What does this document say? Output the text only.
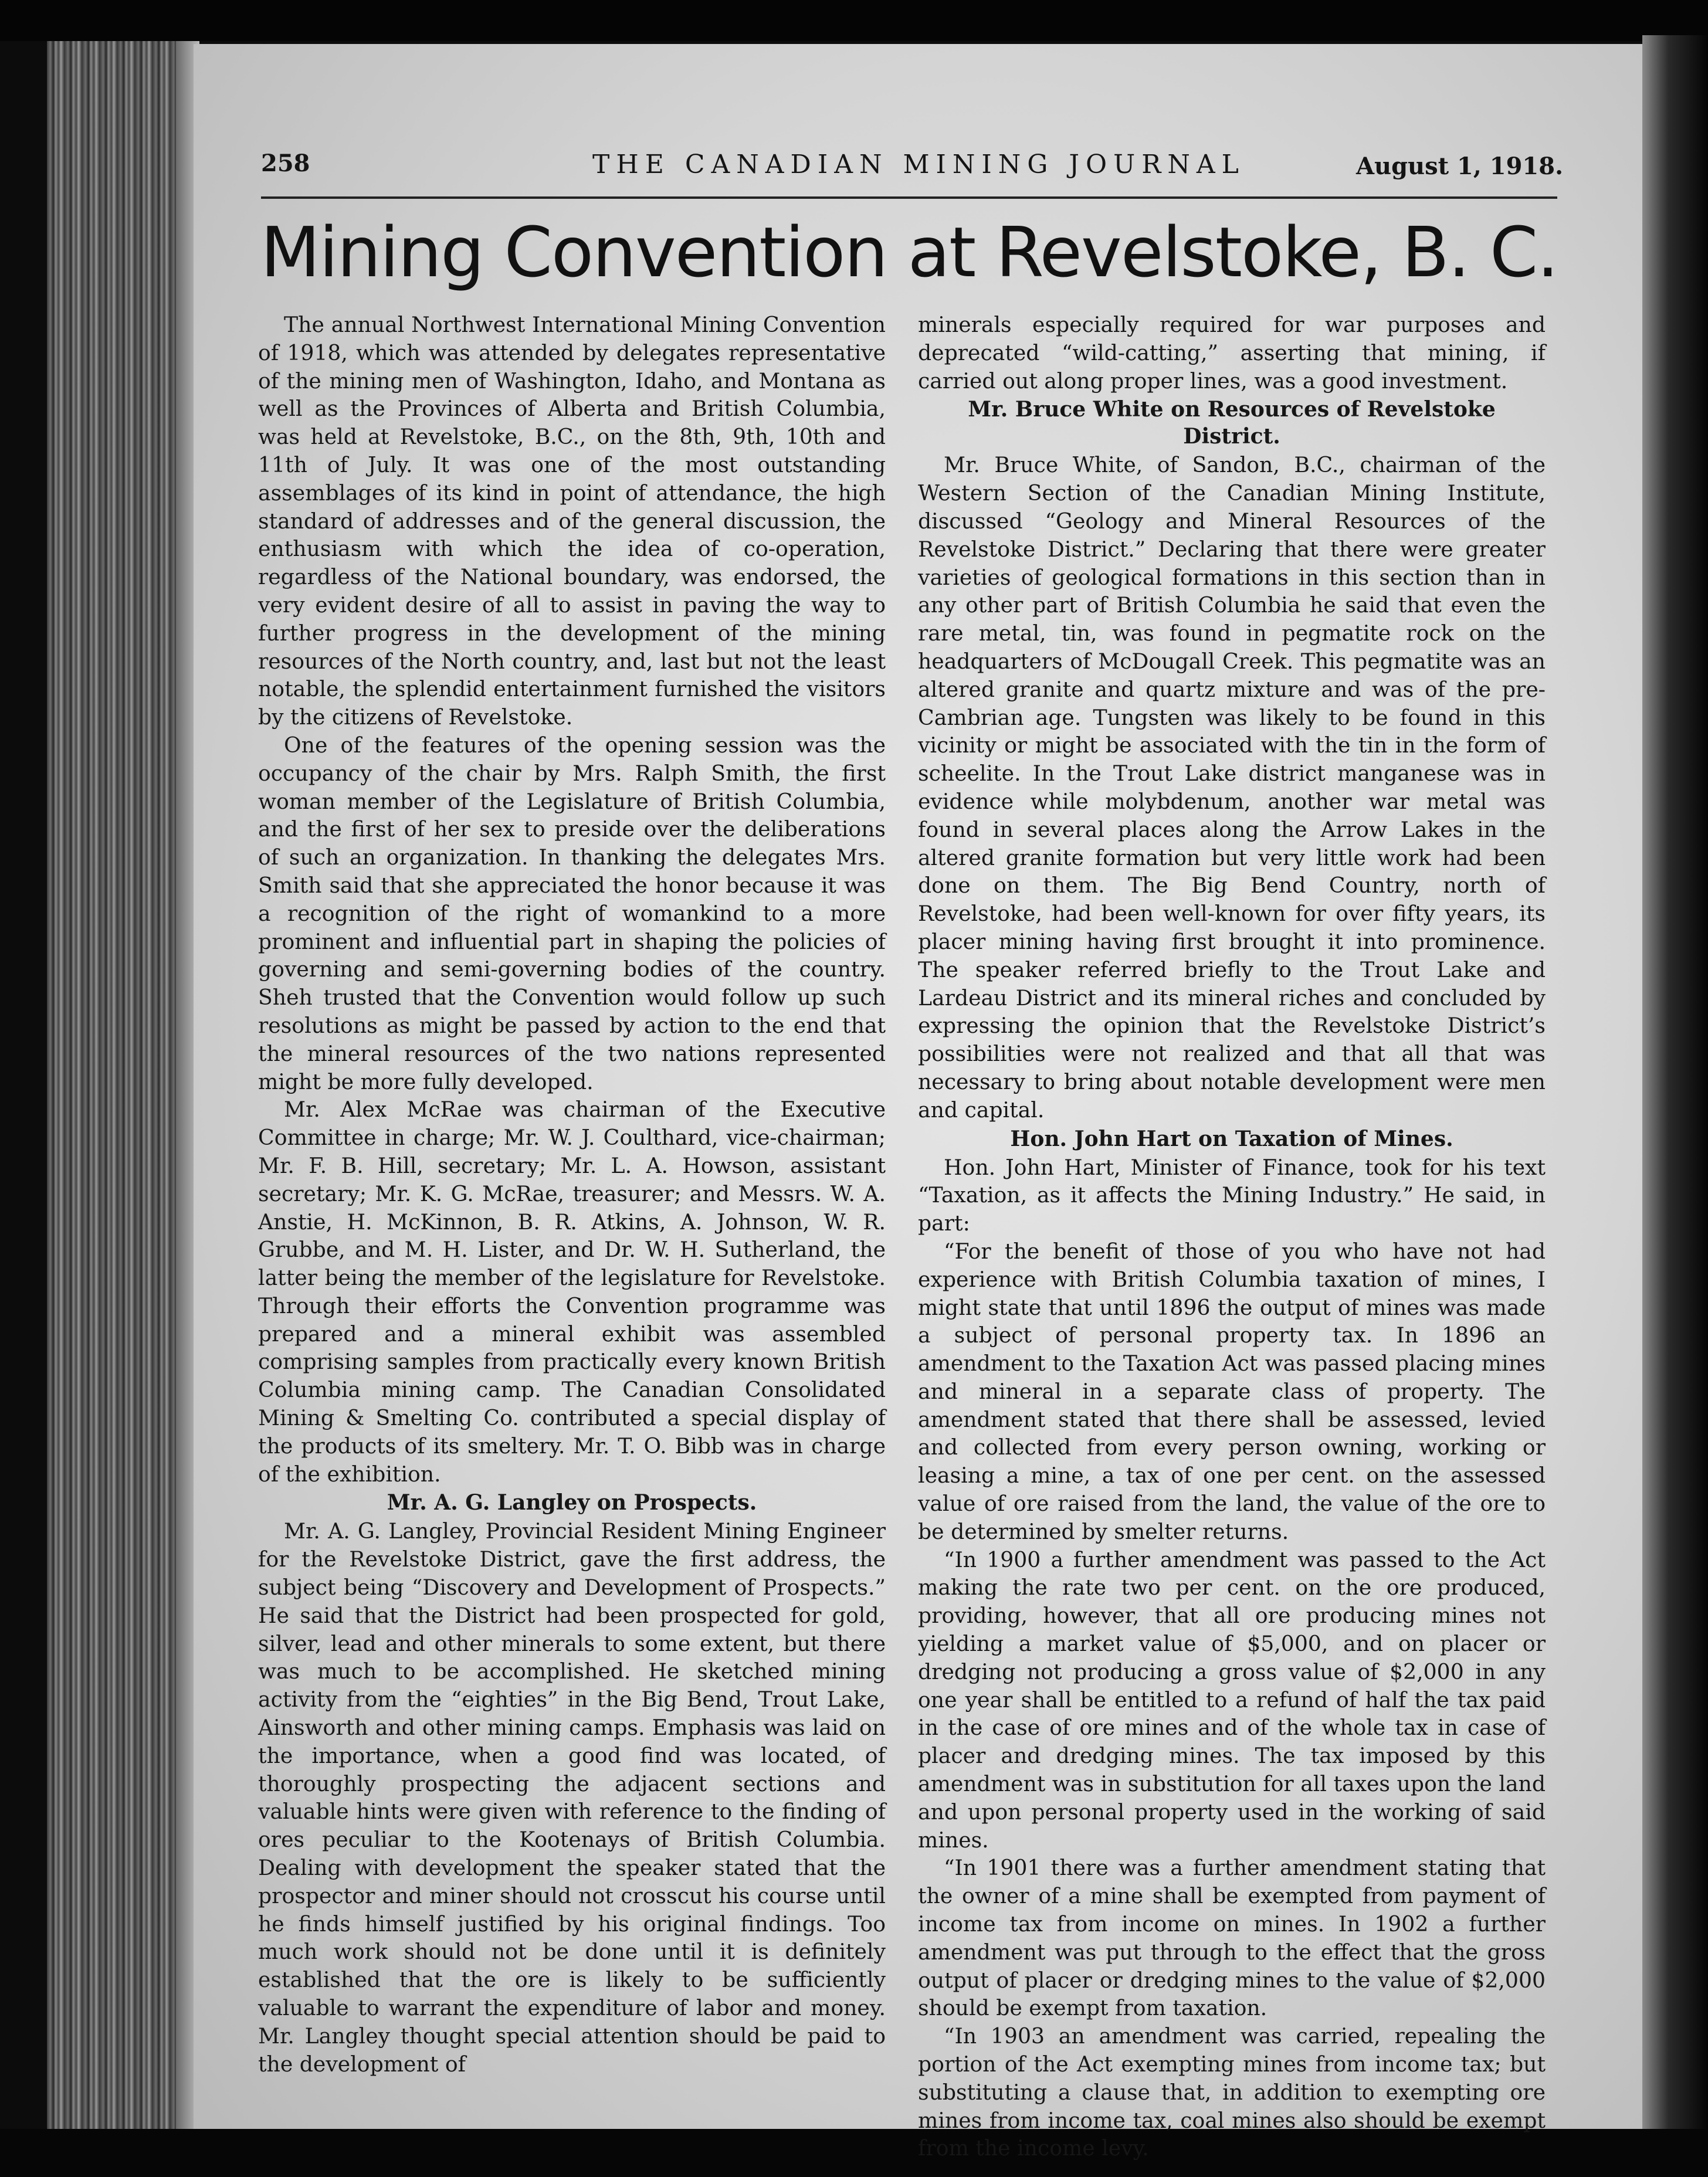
258	THE CANADIAN MINING JOURNAL	August 1, 1918.
Mining Convention at Revelstoke, B. C.

The annual Northwest International Mining Convention of 1918, which was attended by delegates representative of the mining men of Washington, Idaho, and Montana as well as the Provinces of Alberta and British Columbia, was held at Revelstoke, B.C., on the 8th, 9th, 10th and 11th of July. It was one of the most outstanding assemblages of its kind in point of attendance, the high standard of addresses and of the general discussion, the enthusiasm with which the idea of co-operation, regardless of the National boundary, was endorsed, the very evident desire of all to assist in paving the way to further progress in the development of the mining resources of the North country, and, last but not the least notable, the splendid entertainment furnished the visitors by the citizens of Revelstoke.

One of the features of the opening session was the occupancy of the chair by Mrs. Ralph Smith, the first woman member of the Legislature of British Columbia, and the first of her sex to preside over the deliberations of such an organization. In thanking the delegates Mrs. Smith said that she appreciated the honor because it was a recognition of the right of womankind to a more prominent and influential part in shaping the policies of governing and semi-governing bodies of the country. Sheh trusted that the Convention would follow up such resolutions as might be passed by action to the end that the mineral resources of the two nations represented might be more fully developed.

Mr. Alex McRae was chairman of the Executive Committee in charge; Mr. W. J. Coulthard, vice-chairman; Mr. F. B. Hill, secretary; Mr. L. A. Howson, assistant secretary; Mr. K. G. McRae, treasurer; and Messrs. W. A. Anstie, H. McKinnon, B. R. Atkins, A. Johnson, W. R. Grubbe, and M. H. Lister, and Dr. W. H. Sutherland, the latter being the member of the legislature for Revelstoke. Through their efforts the Convention programme was prepared and a mineral exhibit was assembled comprising samples from practically every known British Columbia mining camp. The Canadian Consolidated Mining & Smelting Co. contributed a special display of the products of its smeltery. Mr. T. O. Bibb was in charge of the exhibition.

Mr. A. G. Langley on Prospects.

Mr. A. G. Langley, Provincial Resident Mining Engineer for the Revelstoke District, gave the first address, the subject being “Discovery and Development of Prospects.” He said that the District had been prospected for gold, silver, lead and other minerals to some extent, but there was much to be accomplished. He sketched mining activity from the “eighties” in the Big Bend, Trout Lake, Ainsworth and other mining camps. Emphasis was laid on the importance, when a good find was located, of thoroughly prospecting the adjacent sections and valuable hints were given with reference to the finding of ores peculiar to the Kootenays of British Columbia. Dealing with development the speaker stated that the prospector and miner should not crosscut his course until he finds himself justified by his original findings. Too much work should not be done until it is definitely established that the ore is likely to be sufficiently valuable to warrant the expenditure of labor and money. Mr. Langley thought special attention should be paid to the development of

minerals especially required for war purposes and deprecated “wild-catting,” asserting that mining, if carried out along proper lines, was a good investment.

Mr. Bruce White on Resources of Revelstoke District.

Mr. Bruce White, of Sandon, B.C., chairman of the Western Section of the Canadian Mining Institute, discussed “Geology and Mineral Resources of the Revelstoke District.” Declaring that there were greater varieties of geological formations in this section than in any other part of British Columbia he said that even the rare metal, tin, was found in pegmatite rock on the headquarters of McDougall Creek. This pegmatite was an altered granite and quartz mixture and was of the pre-Cambrian age. Tungsten was likely to be found in this vicinity or might be associated with the tin in the form of scheelite. In the Trout Lake district manganese was in evidence while molybdenum, another war metal was found in several places along the Arrow Lakes in the altered granite formation but very little work had been done on them. The Big Bend Country, north of Revelstoke, had been well-known for over fifty years, its placer mining having first brought it into prominence. The speaker referred briefly to the Trout Lake and Lardeau District and its mineral riches and concluded by expressing the opinion that the Revelstoke District’s possibilities were not realized and that all that was necessary to bring about notable development were men and capital.

Hon. John Hart on Taxation of Mines.

Hon. John Hart, Minister of Finance, took for his text “Taxation, as it affects the Mining Industry.” He said, in part:

“For the benefit of those of you who have not had experience with British Columbia taxation of mines, I might state that until 1896 the output of mines was made a subject of personal property tax. In 1896 an amendment to the Taxation Act was passed placing mines and mineral in a separate class of property. The amendment stated that there shall be assessed, levied and collected from every person owning, working or leasing a mine, a tax of one per cent. on the assessed value of ore raised from the land, the value of the ore to be determined by smelter returns.

“In 1900 a further amendment was passed to the Act making the rate two per cent. on the ore produced, providing, however, that all ore producing mines not yielding a market value of $5,000, and on placer or dredging not producing a gross value of $2,000 in any one year shall be entitled to a refund of half the tax paid in the case of ore mines and of the whole tax in case of placer and dredging mines. The tax imposed by this amendment was in substitution for all taxes upon the land and upon personal property used in the working of said mines.

“In 1901 there was a further amendment stating that the owner of a mine shall be exempted from payment of income tax from income on mines. In 1902 a further amendment was put through to the effect that the gross output of placer or dredging mines to the value of $2,000 should be exempt from taxation.

“In 1903 an amendment was carried, repealing the portion of the Act exempting mines from income tax; but substituting a clause that, in addition to exempting ore mines from income tax, coal mines also should be exempt from the income levy.
